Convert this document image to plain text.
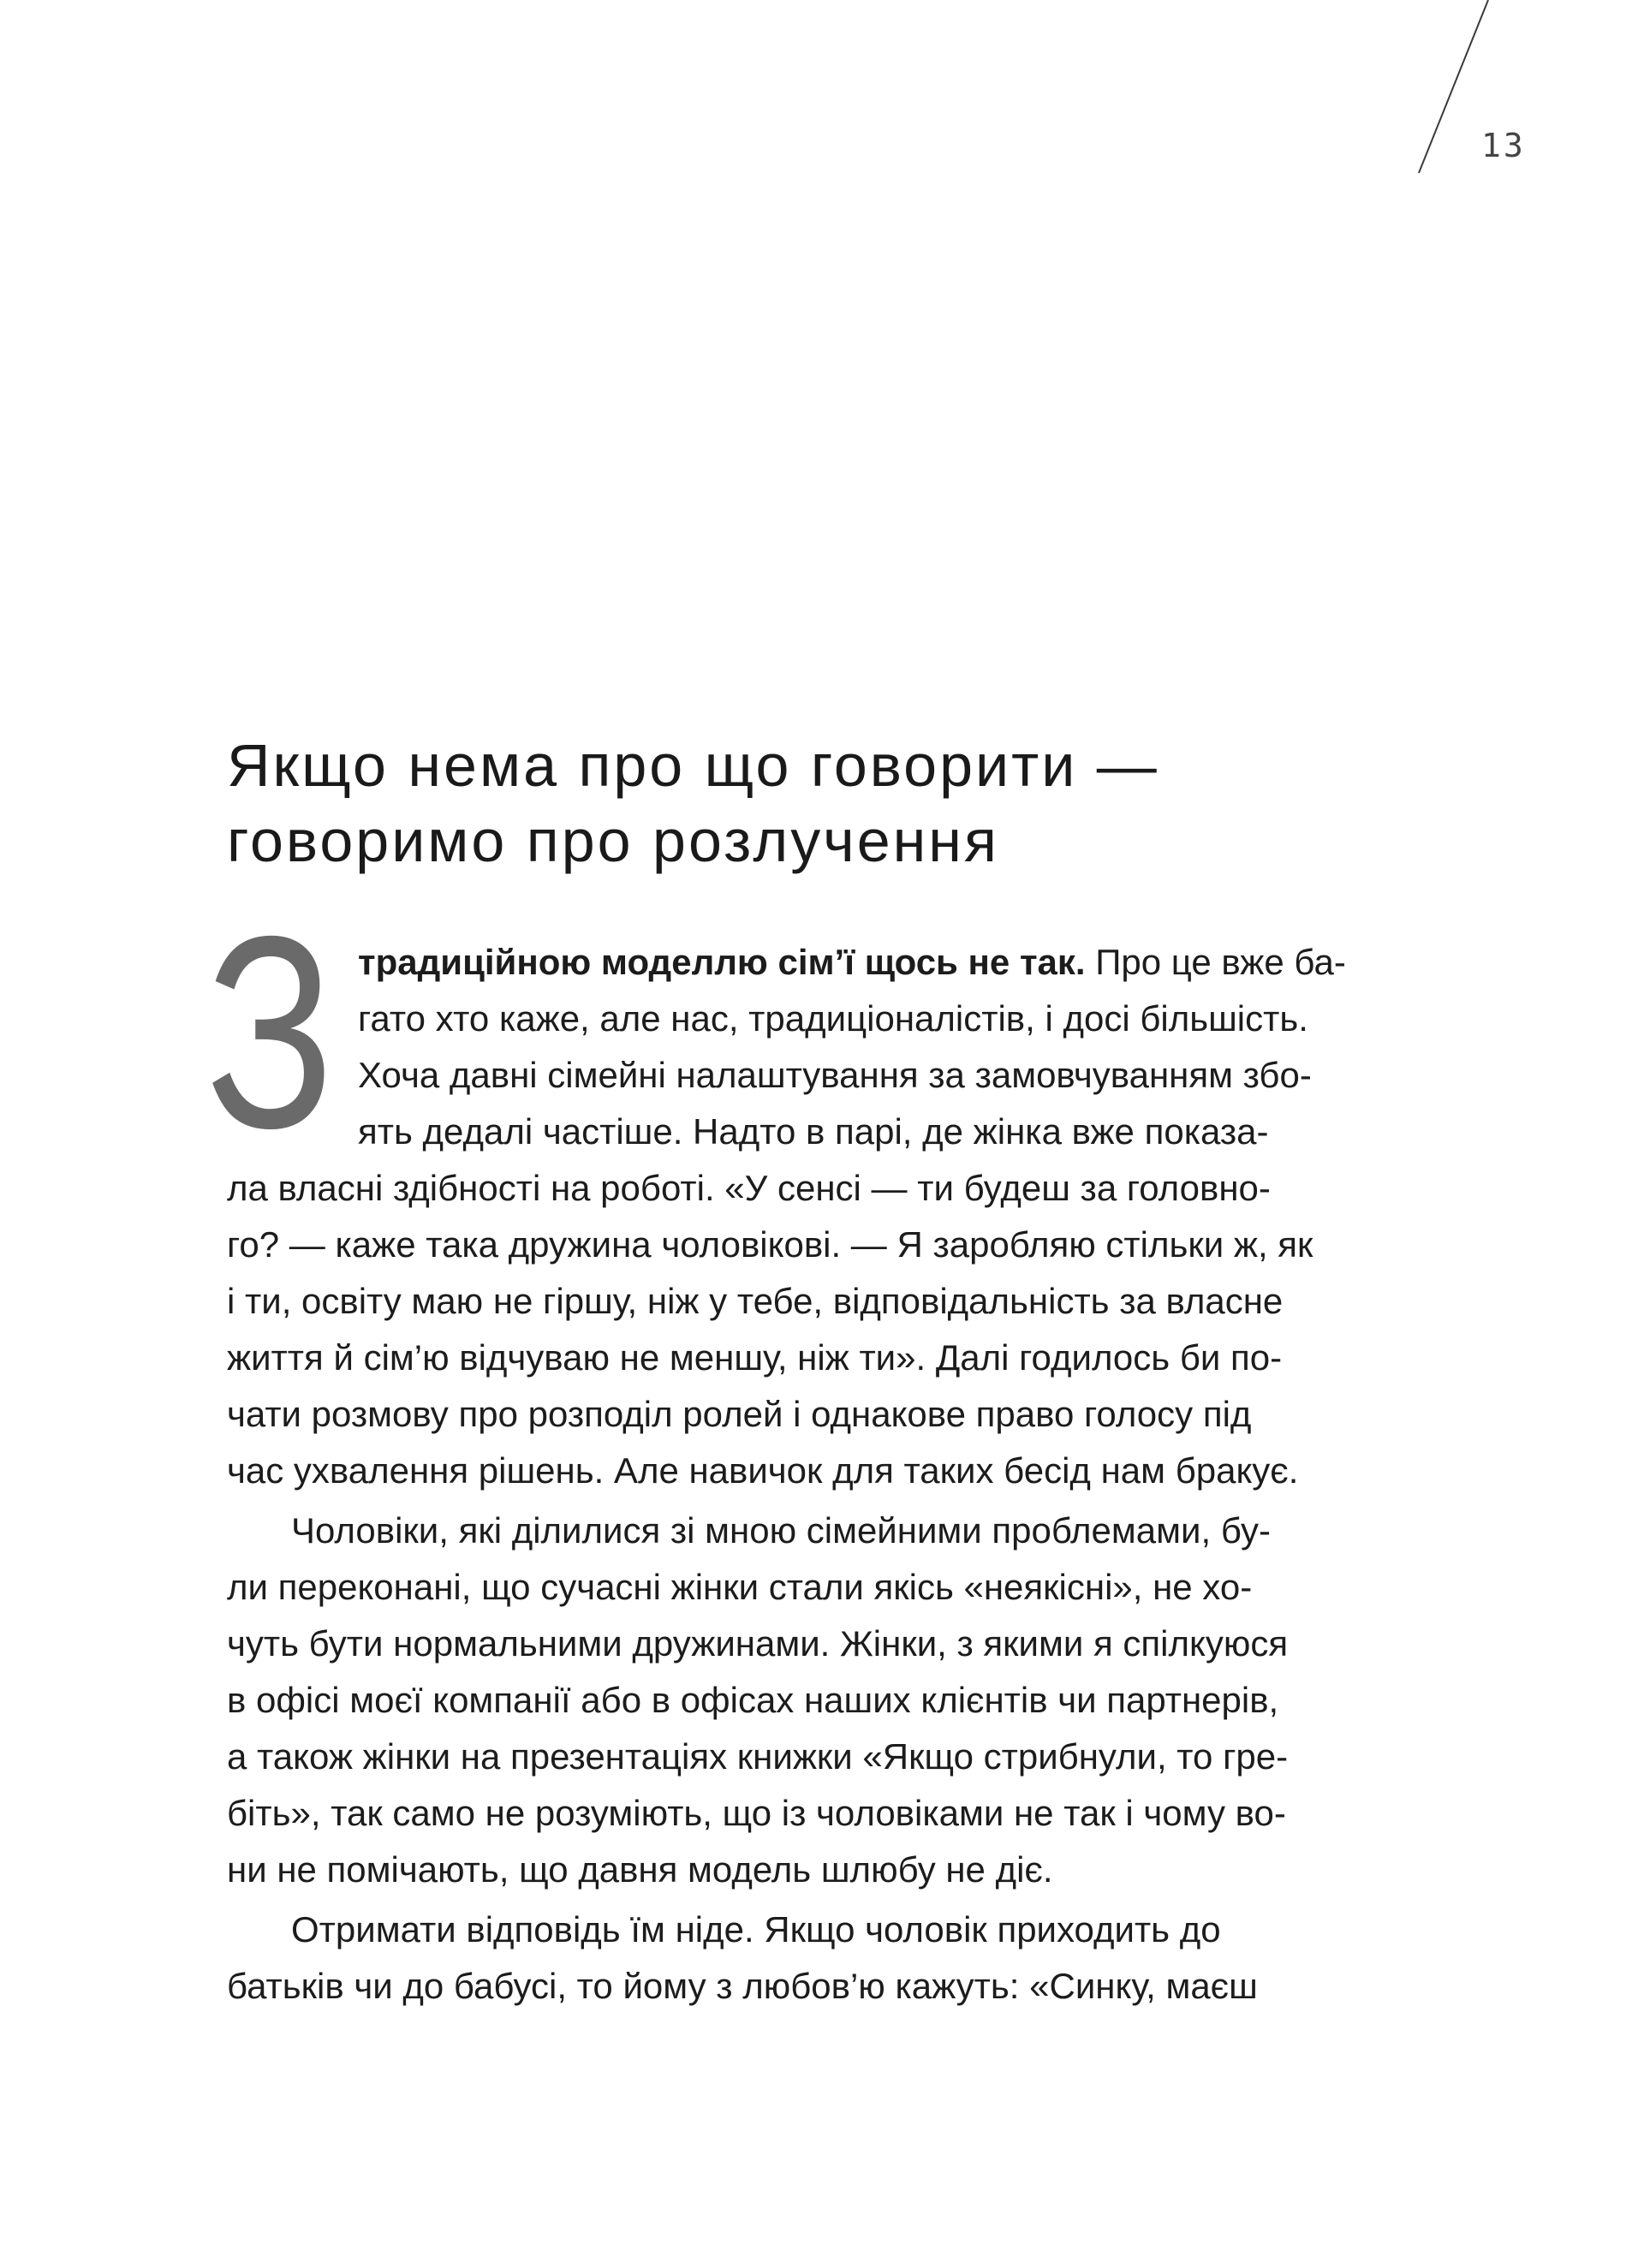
13
Якщо нема про що говорити —
говоримо про розлучення
З традиційною моделлю сім’ї щось не так. Про це вже ба-
гато хто каже, але нас, традиціоналістів, і досі більшість.
Хоча давні сімейні налаштування за замовчуванням збо-
ять дедалі частіше. Надто в парі, де жінка вже показа-
ла власні здібності на роботі. «У сенсі — ти будеш за головно-
го? — каже така дружина чоловікові. — Я заробляю стільки ж, як
і ти, освіту маю не гіршу, ніж у тебе, відповідальність за власне
життя й сім’ю відчуваю не меншу, ніж ти». Далі годилось би по-
чати розмову про розподіл ролей і однакове право голосу під
час ухвалення рішень. Але навичок для таких бесід нам бракує.
Чоловіки, які ділилися зі мною сімейними проблемами, бу-
ли переконані, що сучасні жінки стали якісь «неякісні», не хо-
чуть бути нормальними дружинами. Жінки, з якими я спілкуюся
в офісі моєї компанії або в офісах наших клієнтів чи партнерів,
а також жінки на презентаціях книжки «Якщо стрибнули, то гре-
біть», так само не розуміють, що із чоловіками не так і чому во-
ни не помічають, що давня модель шлюбу не діє.
Отримати відповідь їм ніде. Якщо чоловік приходить до
батьків чи до бабусі, то йому з любов’ю кажуть: «Синку, маєш
